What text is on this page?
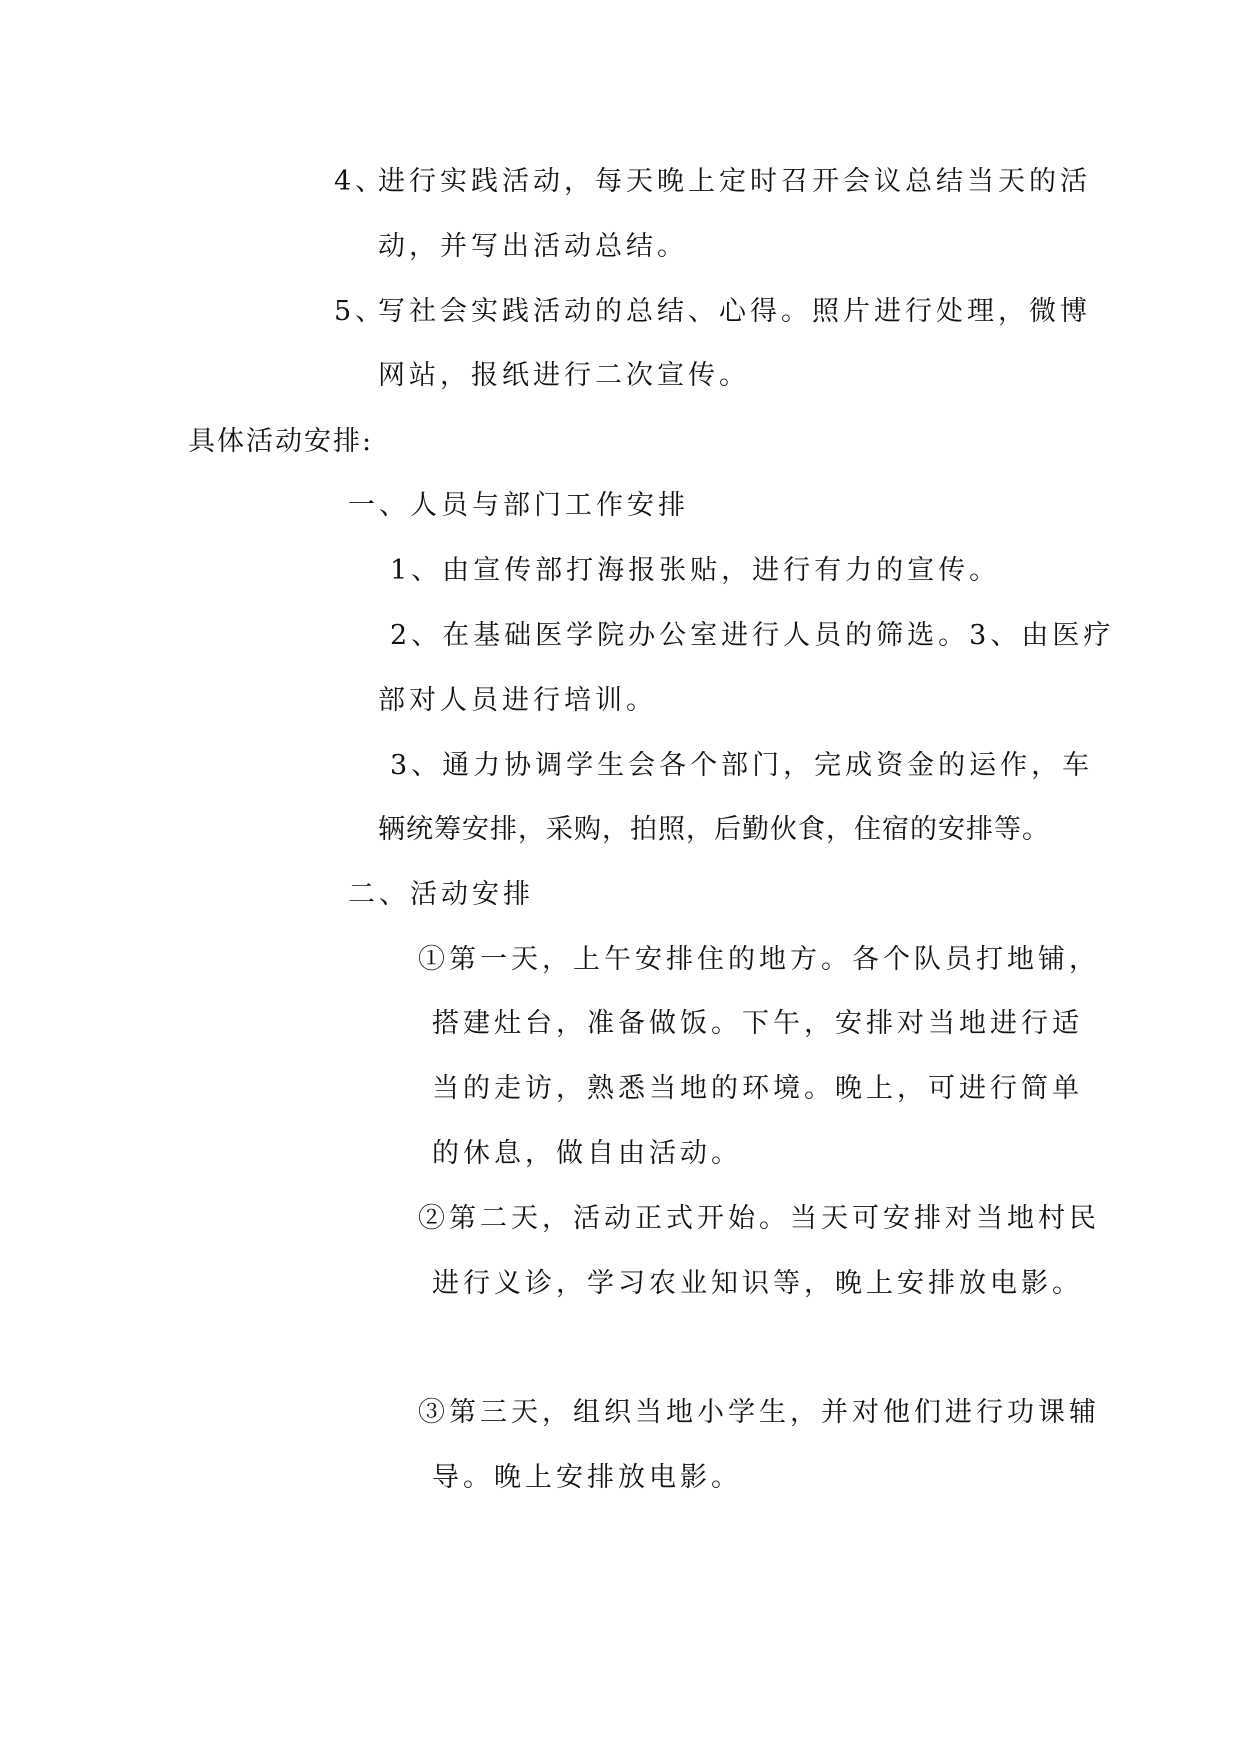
4、
进行实践活动，每天晚上定时召开会议总结当天的活
动，并写出活动总结。
5、
写社会实践活动的总结、心得。照片进行处理，微博
网站，报纸进行二次宣传。
具体活动安排:
一、人员与部门工作安排
1、由宣传部打海报张贴，进行有力的宣传。
2、在基础医学院办公室进行人员的筛选。3、由医疗
部对人员进行培训。
3、通力协调学生会各个部门，完成资金的运作，车
辆统筹安排，采购，拍照，后勤伙食，住宿的安排等。
二、活动安排
①第一天，上午安排住的地方。各个队员打地铺，
搭建灶台，准备做饭。下午，安排对当地进行适
当的走访，熟悉当地的环境。晚上，可进行简单
的休息，做自由活动。
②第二天，活动正式开始。当天可安排对当地村民
进行义诊，学习农业知识等，晚上安排放电影。
③第三天，组织当地小学生，并对他们进行功课辅
导。晚上安排放电影。
